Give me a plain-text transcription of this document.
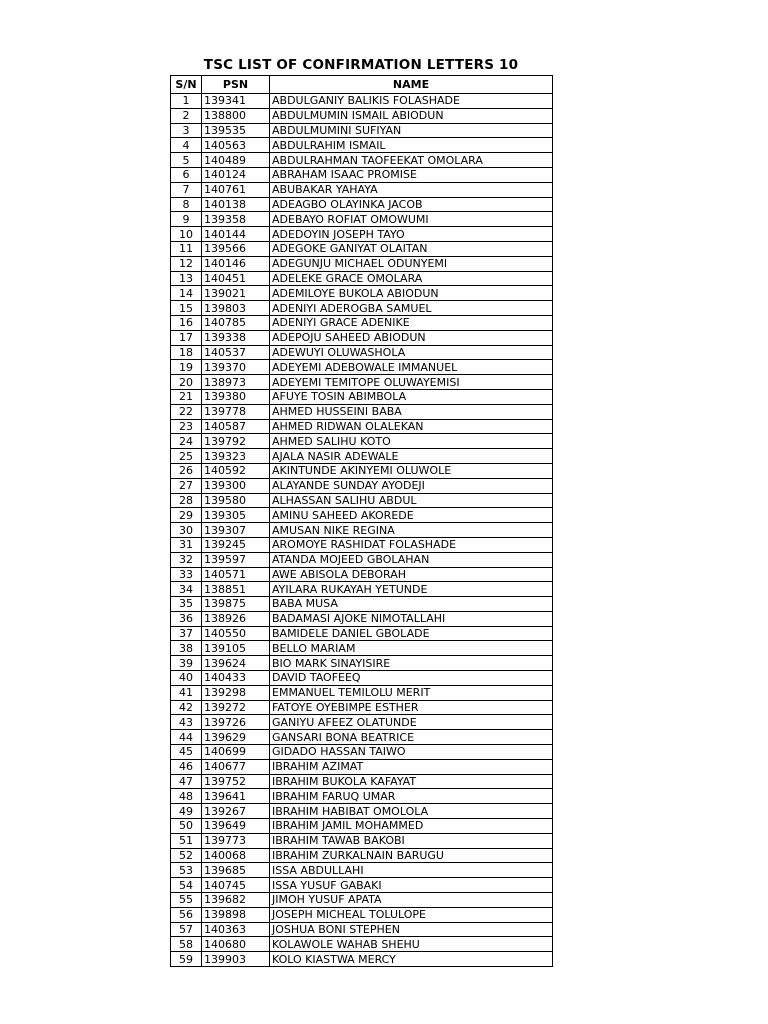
TSC LIST OF CONFIRMATION LETTERS 10
S/N	PSN	NAME
1	139341	ABDULGANIY BALIKIS FOLASHADE
2	138800	ABDULMUMIN ISMAIL ABIODUN
3	139535	ABDULMUMINI SUFIYAN
4	140563	ABDULRAHIM ISMAIL
5	140489	ABDULRAHMAN TAOFEEKAT OMOLARA
6	140124	ABRAHAM ISAAC PROMISE
7	140761	ABUBAKAR YAHAYA
8	140138	ADEAGBO OLAYINKA JACOB
9	139358	ADEBAYO ROFIAT OMOWUMI
10	140144	ADEDOYIN JOSEPH TAYO
11	139566	ADEGOKE GANIYAT OLAITAN
12	140146	ADEGUNJU MICHAEL ODUNYEMI
13	140451	ADELEKE GRACE OMOLARA
14	139021	ADEMILOYE BUKOLA ABIODUN
15	139803	ADENIYI ADEROGBA SAMUEL
16	140785	ADENIYI GRACE ADENIKE
17	139338	ADEPOJU SAHEED ABIODUN
18	140537	ADEWUYI OLUWASHOLA
19	139370	ADEYEMI ADEBOWALE IMMANUEL
20	138973	ADEYEMI TEMITOPE OLUWAYEMISI
21	139380	AFUYE TOSIN ABIMBOLA
22	139778	AHMED HUSSEINI BABA
23	140587	AHMED RIDWAN OLALEKAN
24	139792	AHMED SALIHU KOTO
25	139323	AJALA NASIR ADEWALE
26	140592	AKINTUNDE AKINYEMI OLUWOLE
27	139300	ALAYANDE SUNDAY AYODEJI
28	139580	ALHASSAN SALIHU ABDUL
29	139305	AMINU SAHEED AKOREDE
30	139307	AMUSAN NIKE REGINA
31	139245	AROMOYE RASHIDAT FOLASHADE
32	139597	ATANDA MOJEED GBOLAHAN
33	140571	AWE ABISOLA DEBORAH
34	138851	AYILARA RUKAYAH YETUNDE
35	139875	BABA MUSA
36	138926	BADAMASI AJOKE NIMOTALLAHI
37	140550	BAMIDELE DANIEL GBOLADE
38	139105	BELLO MARIAM
39	139624	BIO MARK SINAYISIRE
40	140433	DAVID TAOFEEQ
41	139298	EMMANUEL TEMILOLU MERIT
42	139272	FATOYE OYEBIMPE ESTHER
43	139726	GANIYU AFEEZ OLATUNDE
44	139629	GANSARI BONA BEATRICE
45	140699	GIDADO HASSAN TAIWO
46	140677	IBRAHIM AZIMAT
47	139752	IBRAHIM BUKOLA KAFAYAT
48	139641	IBRAHIM FARUQ UMAR
49	139267	IBRAHIM HABIBAT OMOLOLA
50	139649	IBRAHIM JAMIL MOHAMMED
51	139773	IBRAHIM TAWAB BAKOBI
52	140068	IBRAHIM ZURKALNAIN BARUGU
53	139685	ISSA ABDULLAHI
54	140745	ISSA YUSUF GABAKI
55	139682	JIMOH YUSUF APATA
56	139898	JOSEPH MICHEAL TOLULOPE
57	140363	JOSHUA BONI STEPHEN
58	140680	KOLAWOLE WAHAB SHEHU
59	139903	KOLO KIASTWA MERCY
